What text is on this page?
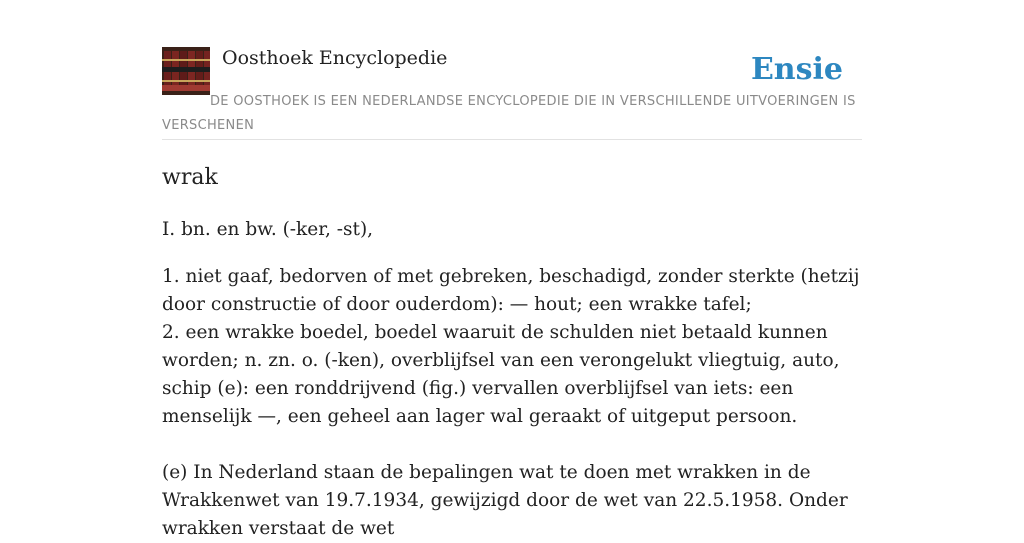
Oosthoek Encyclopedie	Ensie
DE OOSTHOEK IS EEN NEDERLANDSE ENCYCLOPEDIE DIE IN VERSCHILLENDE UITVOERINGEN IS VERSCHENEN
wrak

I. bn. en bw. (-ker, -st),

1. niet gaaf, bedorven of met gebreken, beschadigd, zonder sterkte (hetzij door constructie of door ouderdom): — hout; een wrakke tafel;

2. een wrakke boedel, boedel waaruit de schulden niet betaald kunnen worden; n. zn. o. (-ken), overblijfsel van een verongelukt vliegtuig, auto, schip (e): een ronddrijvend (fig.) vervallen overblijfsel van iets: een menselijk —, een geheel aan lager wal geraakt of uitgeput persoon.

(e) In Nederland staan de bepalingen wat te doen met wrakken in de Wrakkenwet van 19.7.1934, gewijzigd door de wet van 22.5.1958. Onder wrakken verstaat de wet
